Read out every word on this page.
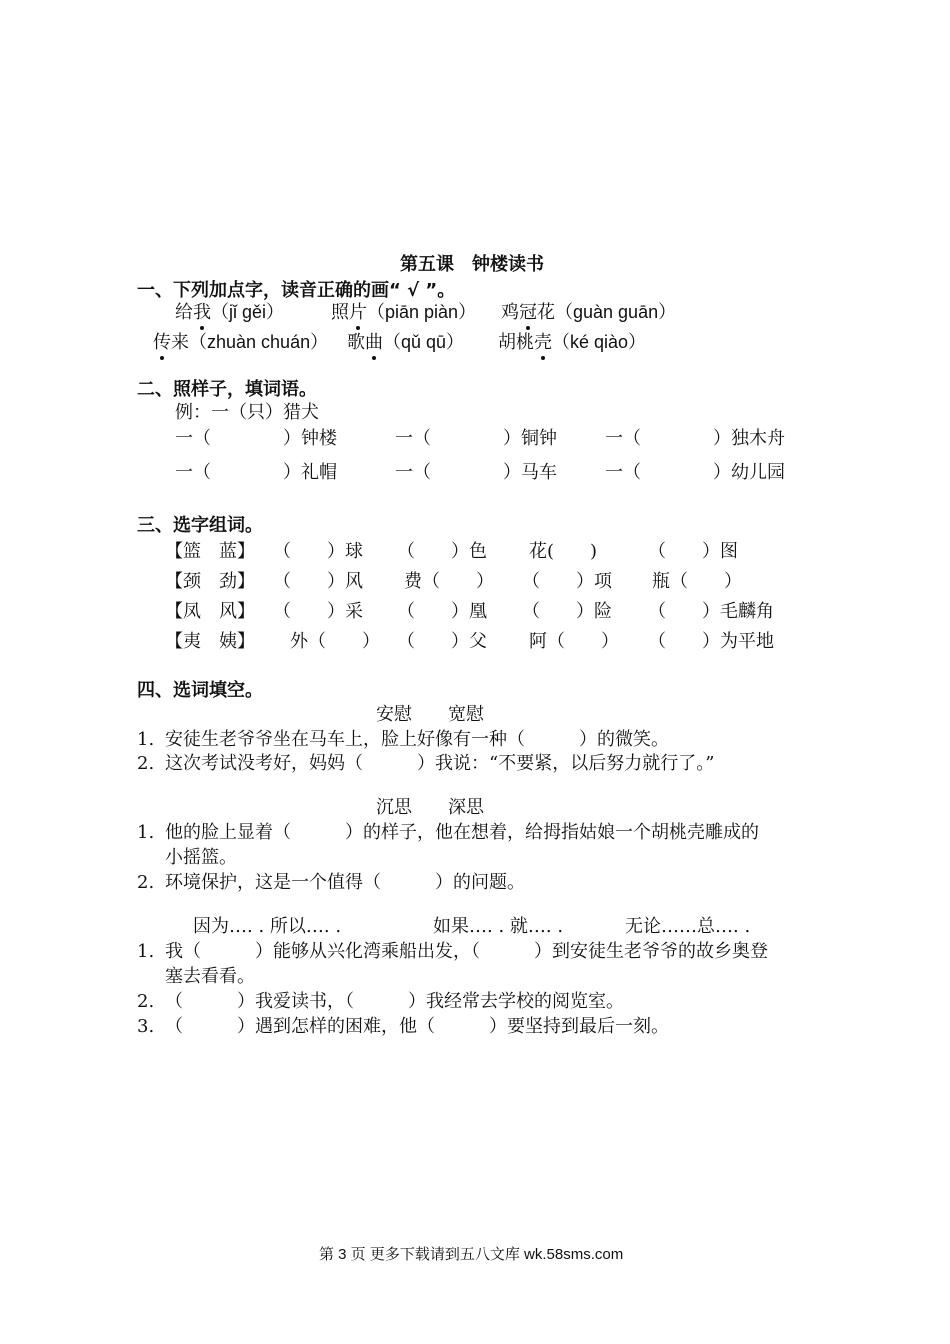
第五课　钟楼读书
一、下列加点字，读音正确的画“ √ ”。
给我（jǐ gěi）	照片（piān piàn） 鸡冠花（guàn guān）
传来（zhuàn chuán） 歌曲（qǔ qū） 胡桃壳（ké qiào）
二、照样子，填词语。
例：一（只）猎犬
一（　　　　）钟楼	一（　　　　）铜钟	一（　　　　）独木舟
一（　　　　）礼帽	一（　　　　）马车	一（　　　　）幼儿园
三、选字组词。
【篮　蓝】 （　　）球 （　　）色 花(　　)	（　　）图
【颈　劲】 （　　）风 费（　　） （　　）项 瓶（　　）
【凤　风】 （　　）采 （　　）凰 （　　）险 （　　）毛麟角
【夷　姨】 外（　　） （　　）父 阿（　　） （　　）为平地
四、选词填空。
安慰　　宽慰
1. 安徒生老爷爷坐在马车上，脸上好像有一种（　　　）的微笑。
2. 这次考试没考好，妈妈（　　　）我说：“不要紧，以后努力就行了。”
沉思　　深思
1. 他的脸上显着（　　　）的样子，他在想着，给拇指姑娘一个胡桃壳雕成的
小摇篮。
2. 环境保护，这是一个值得（　　　）的问题。
因为…. . 所以…. .	如果…. . 就…. .	无论……总…. .
1. 我（　　　）能够从兴化湾乘船出发，（　　　）到安徒生老爷爷的故乡奥登
塞去看看。
2. （　　　）我爱读书，（　　　）我经常去学校的阅览室。
3. （　　　）遇到怎样的困难，他（　　　）要坚持到最后一刻。
第 3 页 更多下载请到五八文库 wk.58sms.com
